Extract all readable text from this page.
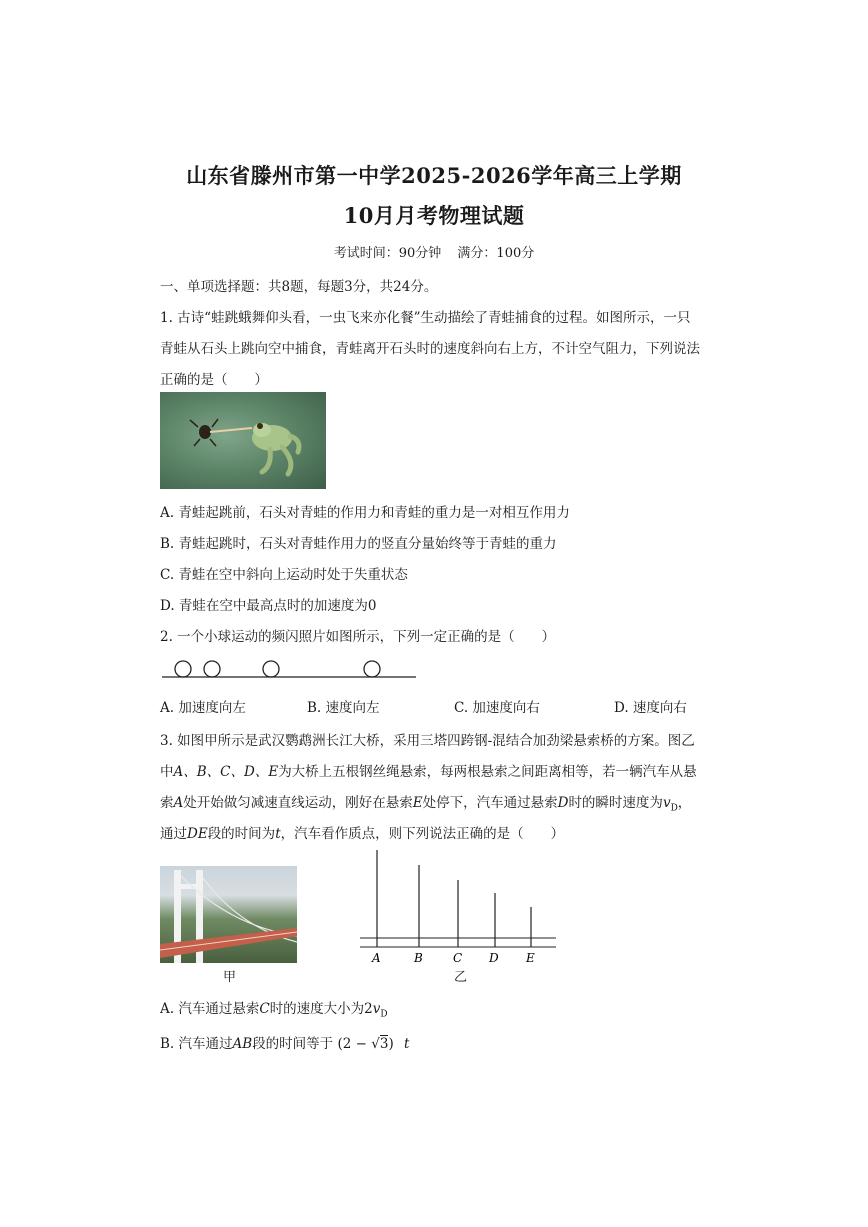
山东省滕州市第一中学2025-2026学年高三上学期
10月月考物理试题
考试时间：90分钟 满分：100分
一、单项选择题：共8题，每题3分，共24分。
1. 古诗“蛙跳蛾舞仰头看，一虫飞来亦化餐”生动描绘了青蛙捕食的过程。如图所示，一只
青蛙从石头上跳向空中捕食，青蛙离开石头时的速度斜向右上方，不计空气阻力，下列说法
正确的是（　　）
A. 青蛙起跳前，石头对青蛙的作用力和青蛙的重力是一对相互作用力
B. 青蛙起跳时，石头对青蛙作用力的竖直分量始终等于青蛙的重力
C. 青蛙在空中斜向上运动时处于失重状态
D. 青蛙在空中最高点时的加速度为0
2. 一个小球运动的频闪照片如图所示，下列一定正确的是（　　）
A. 加速度向左	B. 速度向左	C. 加速度向右	D. 速度向右
3. 如图甲所示是武汉鹦鹉洲长江大桥，采用三塔四跨钢-混结合加劲梁悬索桥的方案。图乙
中A、B、C、D、E为大桥上五根钢丝绳悬索，每两根悬索之间距离相等，若一辆汽车从悬
索A处开始做匀减速直线运动，刚好在悬索E处停下，汽车通过悬索D时的瞬时速度为$v_D$，
通过DE段的时间为t，汽车看作质点，则下列说法正确的是（　　）
甲
A	B	C D E
乙
A. 汽车通过悬索C时的速度大小为$2v_D$
B. 汽车通过AB段的时间等于 (2 − √3) t
